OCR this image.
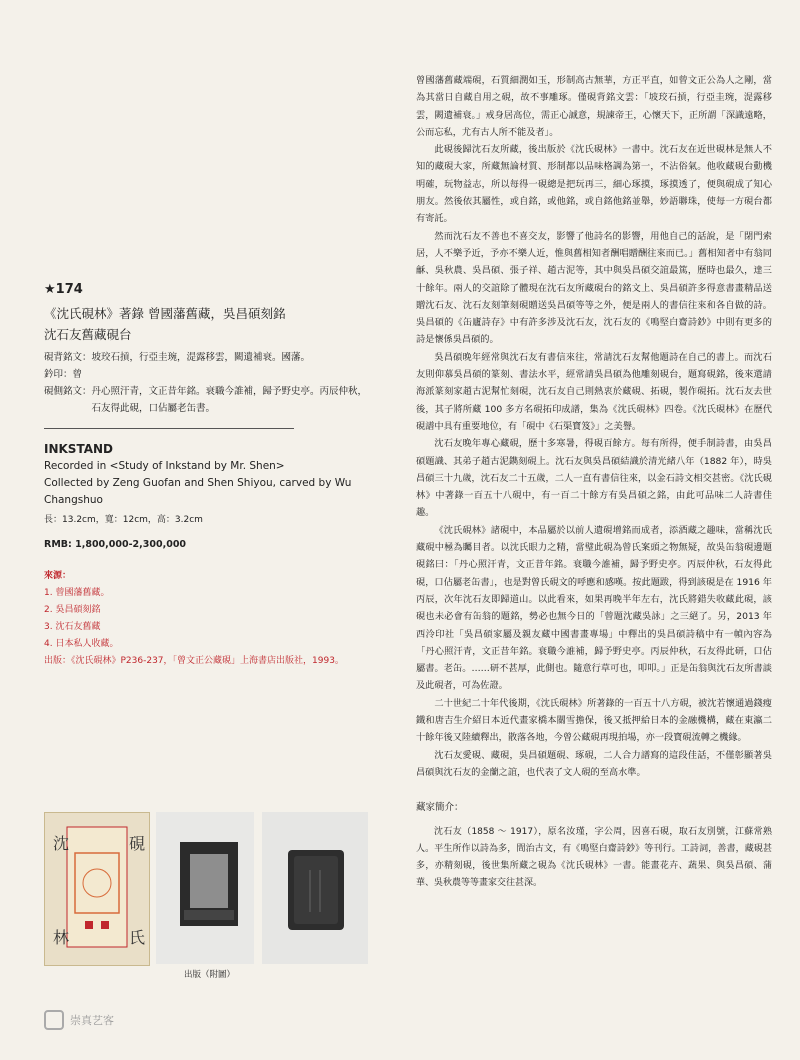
★174
《沈氏硯林》著錄 曾國藩舊藏，吳昌碩刻銘
沈石友舊藏硯台
硯背銘文： 坡珓石摃，行亞圭琬，湜露移雲，闕遺補衰。國藩。
鈐印： 曾
硯側銘文： 丹心照汗青，文正昔年銘。衰職今誰補，歸予野史亭。丙辰仲秋，石友得此硯，口佔屬老缶書。
INKSTAND
Recorded in <Study of Inkstand by Mr. Shen>
Collected by Zeng Guofan and Shen Shiyou, carved by Wu Changshuo
長：13.2cm，寬：12cm，高：3.2cm
RMB: 1,800,000-2,300,000
來源：
1. 曾國藩舊藏。
2. 吳昌碩刻銘
3. 沈石友舊藏
4. 日本私人收藏。
出版：《沈氏硯林》P236-237，「曾文正公藏硯」上海書店出版社，1993。

曾國藩舊藏端硯，石質細潤如玉，形制高古無華，方正平直，如曾文正公為人之剛，當為其當日自藏自用之硯，故不事雕琢。僅硯背銘文雲：「坡珓石摃，行亞圭琬，湜露移雲，闕遺補衰。」戒身居高位，需正心誠意，規諫帝王，心懷天下，正所謂「深識遠略，公而忘私，尤有古人所不能及者」。

此硯後歸沈石友所藏，後出版於《沈氏硯林》一書中。沈石友在近世硯林是無人不知的藏硯大家，所藏無論材質、形制都以品味格調為第一，不沾俗氣。他收藏硯台動機明確，玩物益志，所以每得一硯總是把玩再三，細心琢摸，琢摸透了，便與硯成了知心朋友。然後依其屬性，或自銘，或他銘，或自銘他銘並舉，妙語聯珠，使每一方硯台都有寄託。

然而沈石友不善也不喜交友，影響了他詩名的影響，用他自己的話說，是「閉門索居，人不樂予近，予亦不樂人近，惟與舊相知者酬唱贈酬往來而已。」舊相知者中有翁同龢、吳秋農、吳昌碩、張子祥、趙古泥等，其中與吳昌碩交誼最篤，歷時也最久，達三十餘年。兩人的交誼除了體現在沈石友所藏硯台的銘文上、吳昌碩許多得意書畫精品送贈沈石友、沈石友刻筆刻硯贈送吳昌碩等等之外，便是兩人的書信往來和各自做的詩。吳昌碩的《缶廬詩存》中有許多涉及沈石友，沈石友的《鳴堅白齋詩鈔》中則有更多的詩是懷係吳昌碩的。

吳昌碩晚年經常與沈石友有書信來往，常請沈石友幫他題詩在自己的書上。而沈石友則仰慕吳昌碩的篆刻、書法水平，經常請吳昌碩為他雕刻硯台，題寫硯銘，後來還請海派篆刻家趙古泥幫忙刻硯，沈石友自己則熱衷於藏硯、拓硯，製作硯拓。沈石友去世後，其子將所藏 100 多方名硯拓印成譜，集為《沈氏硯林》四卷。《沈氏硯林》在歷代硯譜中具有重要地位，有「硯中《石渠寶笈》」之美譽。

沈石友晚年專心藏硯，歷十多寒暑，得硯百餘方。每有所得，便手制詩書，由吳昌碩題識、其弟子趙古泥鐫刻硯上。沈石友與吳昌碩結識於清光緒八年（1882 年），時吳昌碩三十九歲，沈石友二十五歲，二人一直有書信往來，以金石詩文相交甚密。《沈氏硯林》中著錄一百五十八硯中，有一百二十餘方有吳昌碩之銘，由此可品味二人詩書佳趣。

《沈氏硯林》諸硯中，本品屬於以前人遺硯增銘而成者，添酒藏之趣味，當稱沈氏藏硯中極為矚目者。以沈氏眼力之精，當璧此硯為曾氏案頭之物無疑，故吳缶翁硯邊題硯銘曰：「丹心照汗青，文正昔年銘。衰職今誰補，歸予野史亭。丙辰仲秋，石友得此硯，口佔屬老缶書」，也是對曾氏硯文的呼應和感嘆。按此題跋，得到該硯是在 1916 年丙辰，次年沈石友即歸道山。以此看來，如果再晚半年左右，沈氏將錯失收藏此硯，該硯也未必會有缶翁的題銘，勢必也無今日的「曾題沈藏吳詠」之三絕了。另，2013 年西泠印社「吳昌碩家屬及親友藏中國書畫專場」中釋出的吳昌碩詩稿中有一幀內容為「丹心照汗青，文正昔年銘。衰職今誰補，歸予野史亭。丙辰仲秋，石友得此研，口佔屬書。老缶。……研不甚厚，此側也。隨意行草可也，叩叩。」正是缶翁與沈石友所書談及此硯者，可為佐證。

二十世紀二十年代後期，《沈氏硯林》所著錄的一百五十八方硯，被沈若懷通過錢瘦鐵和唐吉生介紹日本近代畫家橋本關雪擔保，後又抵押給日本的金融機構，藏在東瀛二十餘年後又陸續釋出，散落各地，今曾公藏硯再現拍場，亦一段寶硯流轉之機緣。

沈石友愛硯、藏硯，吳昌碩題硯、琢硯，二人合力譜寫的這段佳話，不僅彰顯著吳昌碩與沈石友的金蘭之誼，也代表了文人硯的至高水準。

藏家簡介：

沈石友（1858 ～ 1917），原名汝瑾，字公周，因喜石硯，取石友別號，江蘇常熟人。平生所作以詩為多，間治古文，有《鳴堅白齋詩鈔》等刊行。工詩詞，善書，藏硯甚多，亦精刻硯，後世集所藏之硯為《沈氏硯林》一書。能畫花卉、蔬果、與吳昌碩、蒲華、吳秋農等等畫家交往甚深。

沈
氏
硯
林
出版（附圖）
崇真艺客
